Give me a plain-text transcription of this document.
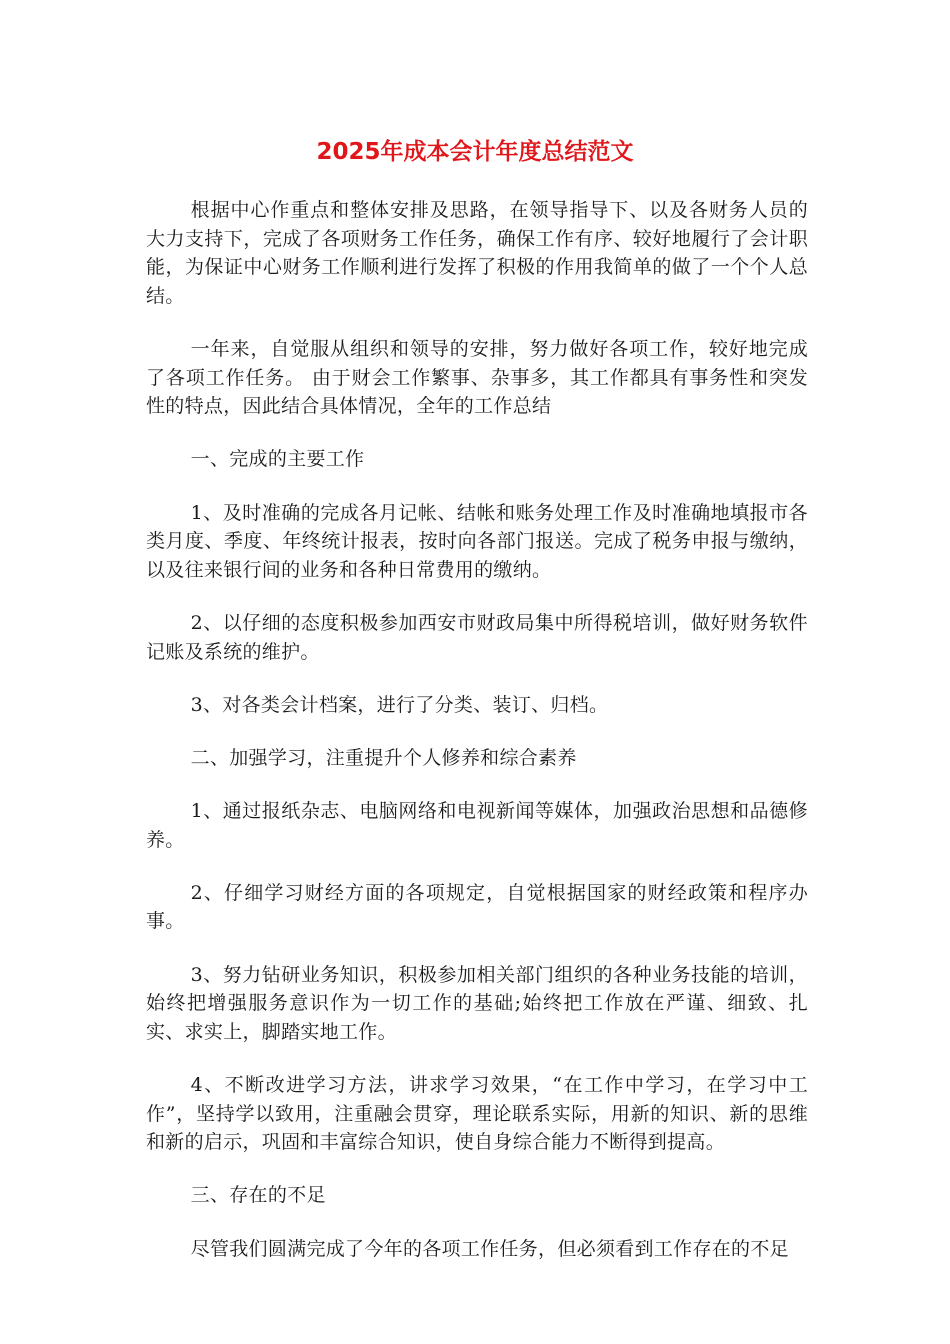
2025年成本会计年度总结范文

根据中心作重点和整体安排及思路，在领导指导下、以及各财务人员的大力支持下，完成了各项财务工作任务，确保工作有序、较好地履行了会计职能，为保证中心财务工作顺利进行发挥了积极的作用我简单的做了一个个人总结。

一年来，自觉服从组织和领导的安排，努力做好各项工作，较好地完成了各项工作任务。 由于财会工作繁事、杂事多，其工作都具有事务性和突发性的特点，因此结合具体情况，全年的工作总结

一、完成的主要工作

1、及时准确的完成各月记帐、结帐和账务处理工作及时准确地填报市各类月度、季度、年终统计报表，按时向各部门报送。完成了税务申报与缴纳，以及往来银行间的业务和各种日常费用的缴纳。

2、以仔细的态度积极参加西安市财政局集中所得税培训，做好财务软件记账及系统的维护。

3、对各类会计档案，进行了分类、装订、归档。

二、加强学习，注重提升个人修养和综合素养

1、通过报纸杂志、电脑网络和电视新闻等媒体，加强政治思想和品德修养。

2、仔细学习财经方面的各项规定，自觉根据国家的财经政策和程序办事。

3、努力钻研业务知识，积极参加相关部门组织的各种业务技能的培训，始终把增强服务意识作为一切工作的基础;始终把工作放在严谨、细致、扎实、求实上，脚踏实地工作。

4、不断改进学习方法，讲求学习效果，“在工作中学习，在学习中工作”，坚持学以致用，注重融会贯穿，理论联系实际，用新的知识、新的思维和新的启示，巩固和丰富综合知识，使自身综合能力不断得到提高。

三、存在的不足

尽管我们圆满完成了今年的各项工作任务，但必须看到工作存在的不足
